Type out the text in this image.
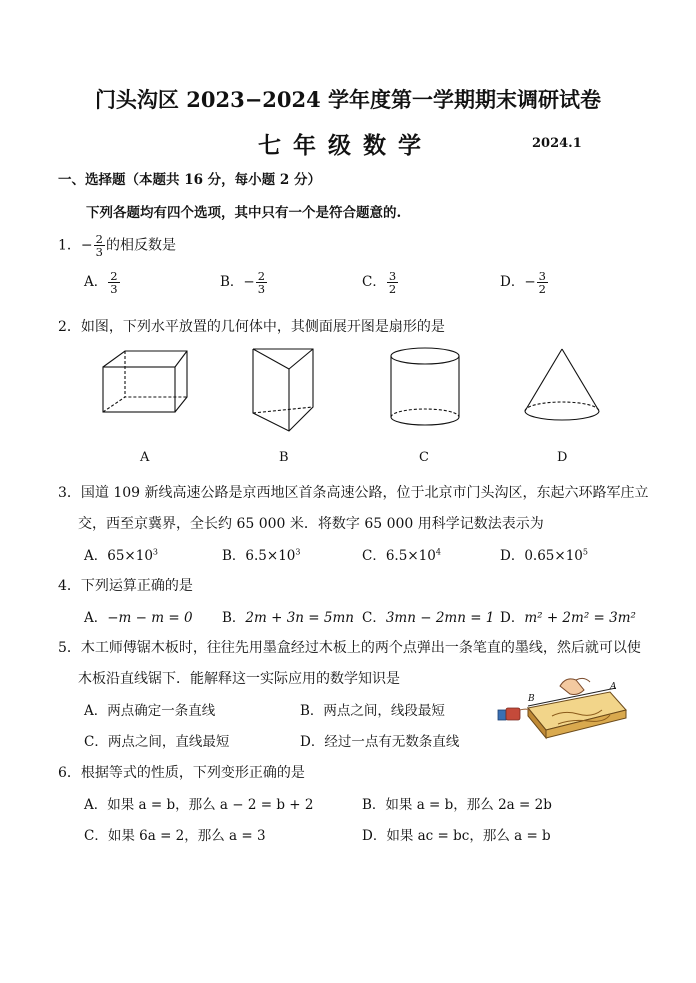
门头沟区 2023−2024 学年度第一学期期末调研试卷
七年级数学	2024.1
一、选择题（本题共 16 分，每小题 2 分）
下列各题均有四个选项，其中只有一个是符合题意的.
1．− $\frac{2}{3}$ 的相反数是
A． $\frac{2}{3}$	B．− $\frac{2}{3}$	C． $\frac{3}{2}$	D．− $\frac{3}{2}$
2．如图，下列水平放置的几何体中，其侧面展开图是扇形的是
A	B	C	D
3．国道 109 新线高速公路是京西地区首条高速公路，位于北京市门头沟区，东起六环路军庄立
交，西至京冀界，全长约 65 000 米．将数字 65 000 用科学记数法表示为
A．$65\times 10^3$	B．$6.5\times 10^3$	C．$6.5\times 10^4$	D．$0.65\times 10^5$
4．下列运算正确的是
A．−m − m = 0 B．2m + 3n = 5mn C．3mn − 2mn = 1 D．m² + 2m² = 3m²
5．木工师傅锯木板时，往往先用墨盒经过木板上的两个点弹出一条笔直的墨线，然后就可以使
木板沿直线锯下．能解释这一实际应用的数学知识是
A．两点确定一条直线	B．两点之间，线段最短
C．两点之间，直线最短	D．经过一点有无数条直线
B
A
6．根据等式的性质，下列变形正确的是
A．如果 a = b，那么 a − 2 = b + 2	B．如果 a = b，那么 2a = 2b
C．如果 6a = 2，那么 a = 3	D．如果 ac = bc，那么 a = b
